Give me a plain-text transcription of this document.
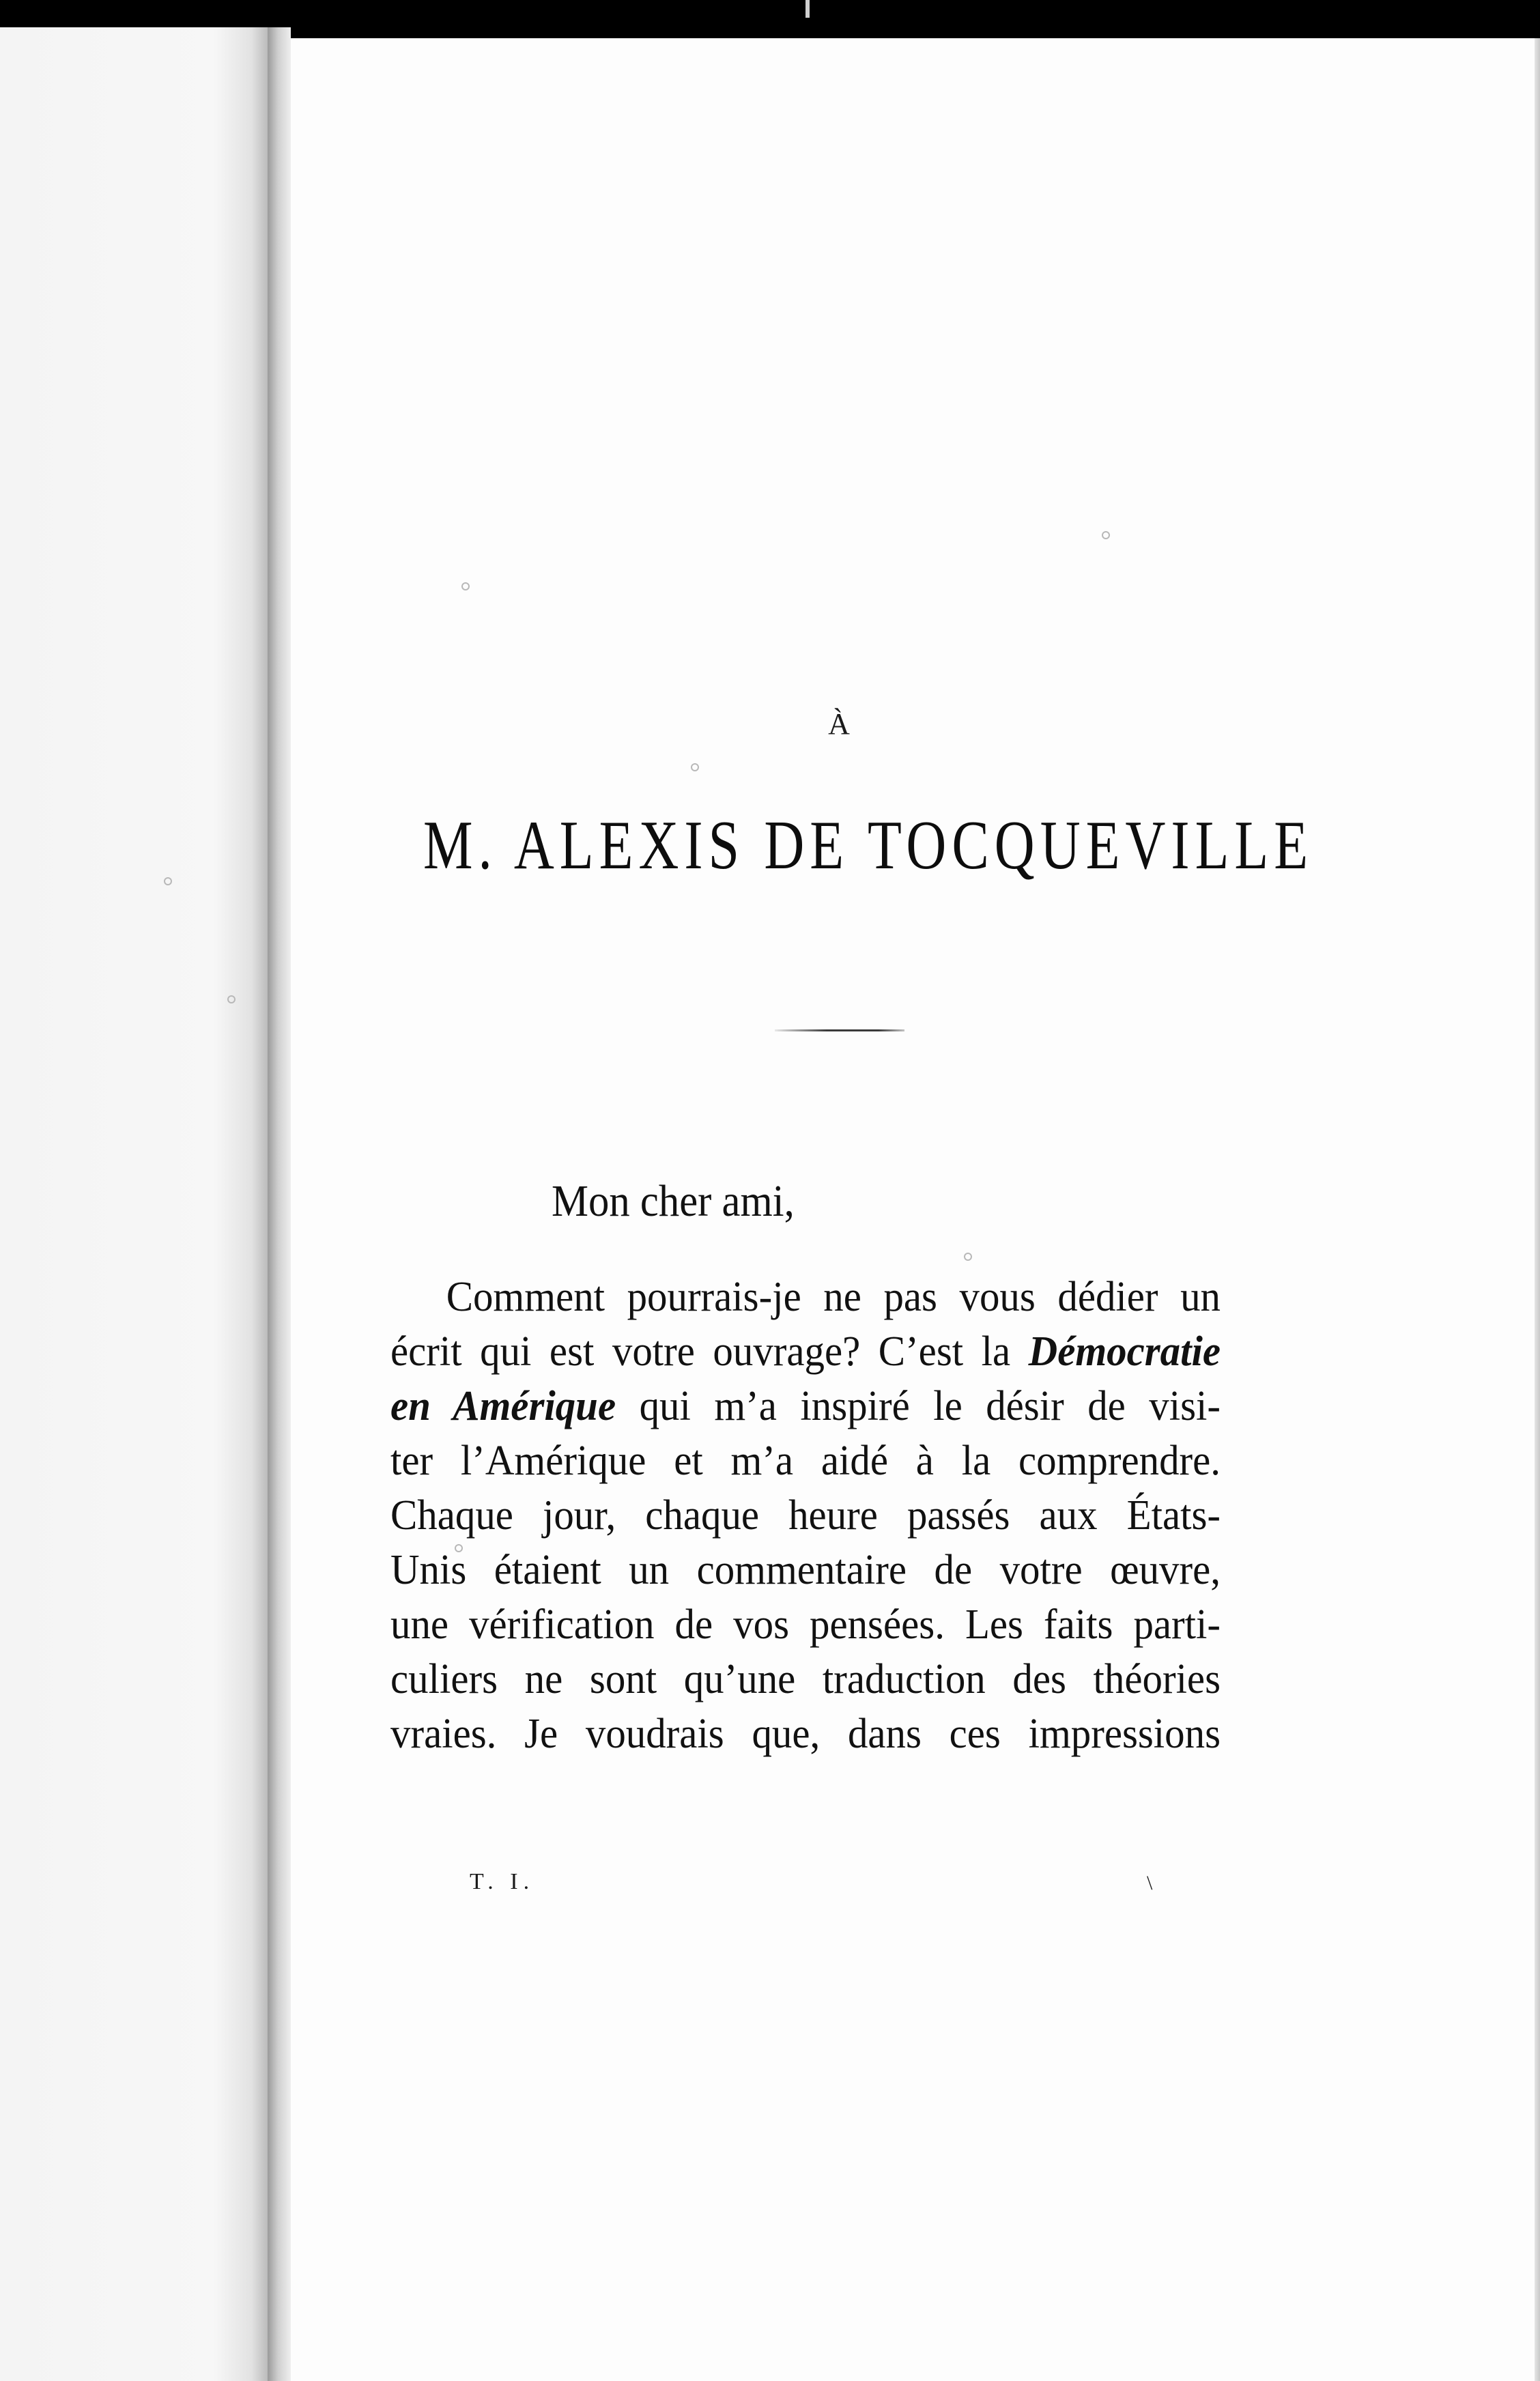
À
M. ALEXIS DE TOCQUEVILLE
Mon cher ami,
Comment pourrais-je ne pas vous dédier un
écrit qui est votre ouvrage? C’est la Démocratie
en Amérique qui m’a inspiré le désir de visi-
ter l’Amérique et m’a aidé à la comprendre.
Chaque jour, chaque heure passés aux États-
Unis étaient un commentaire de votre œuvre,
une vérification de vos pensées. Les faits parti-
culiers ne sont qu’une traduction des théories
vraies. Je voudrais que, dans ces impressions
T. I.	\
